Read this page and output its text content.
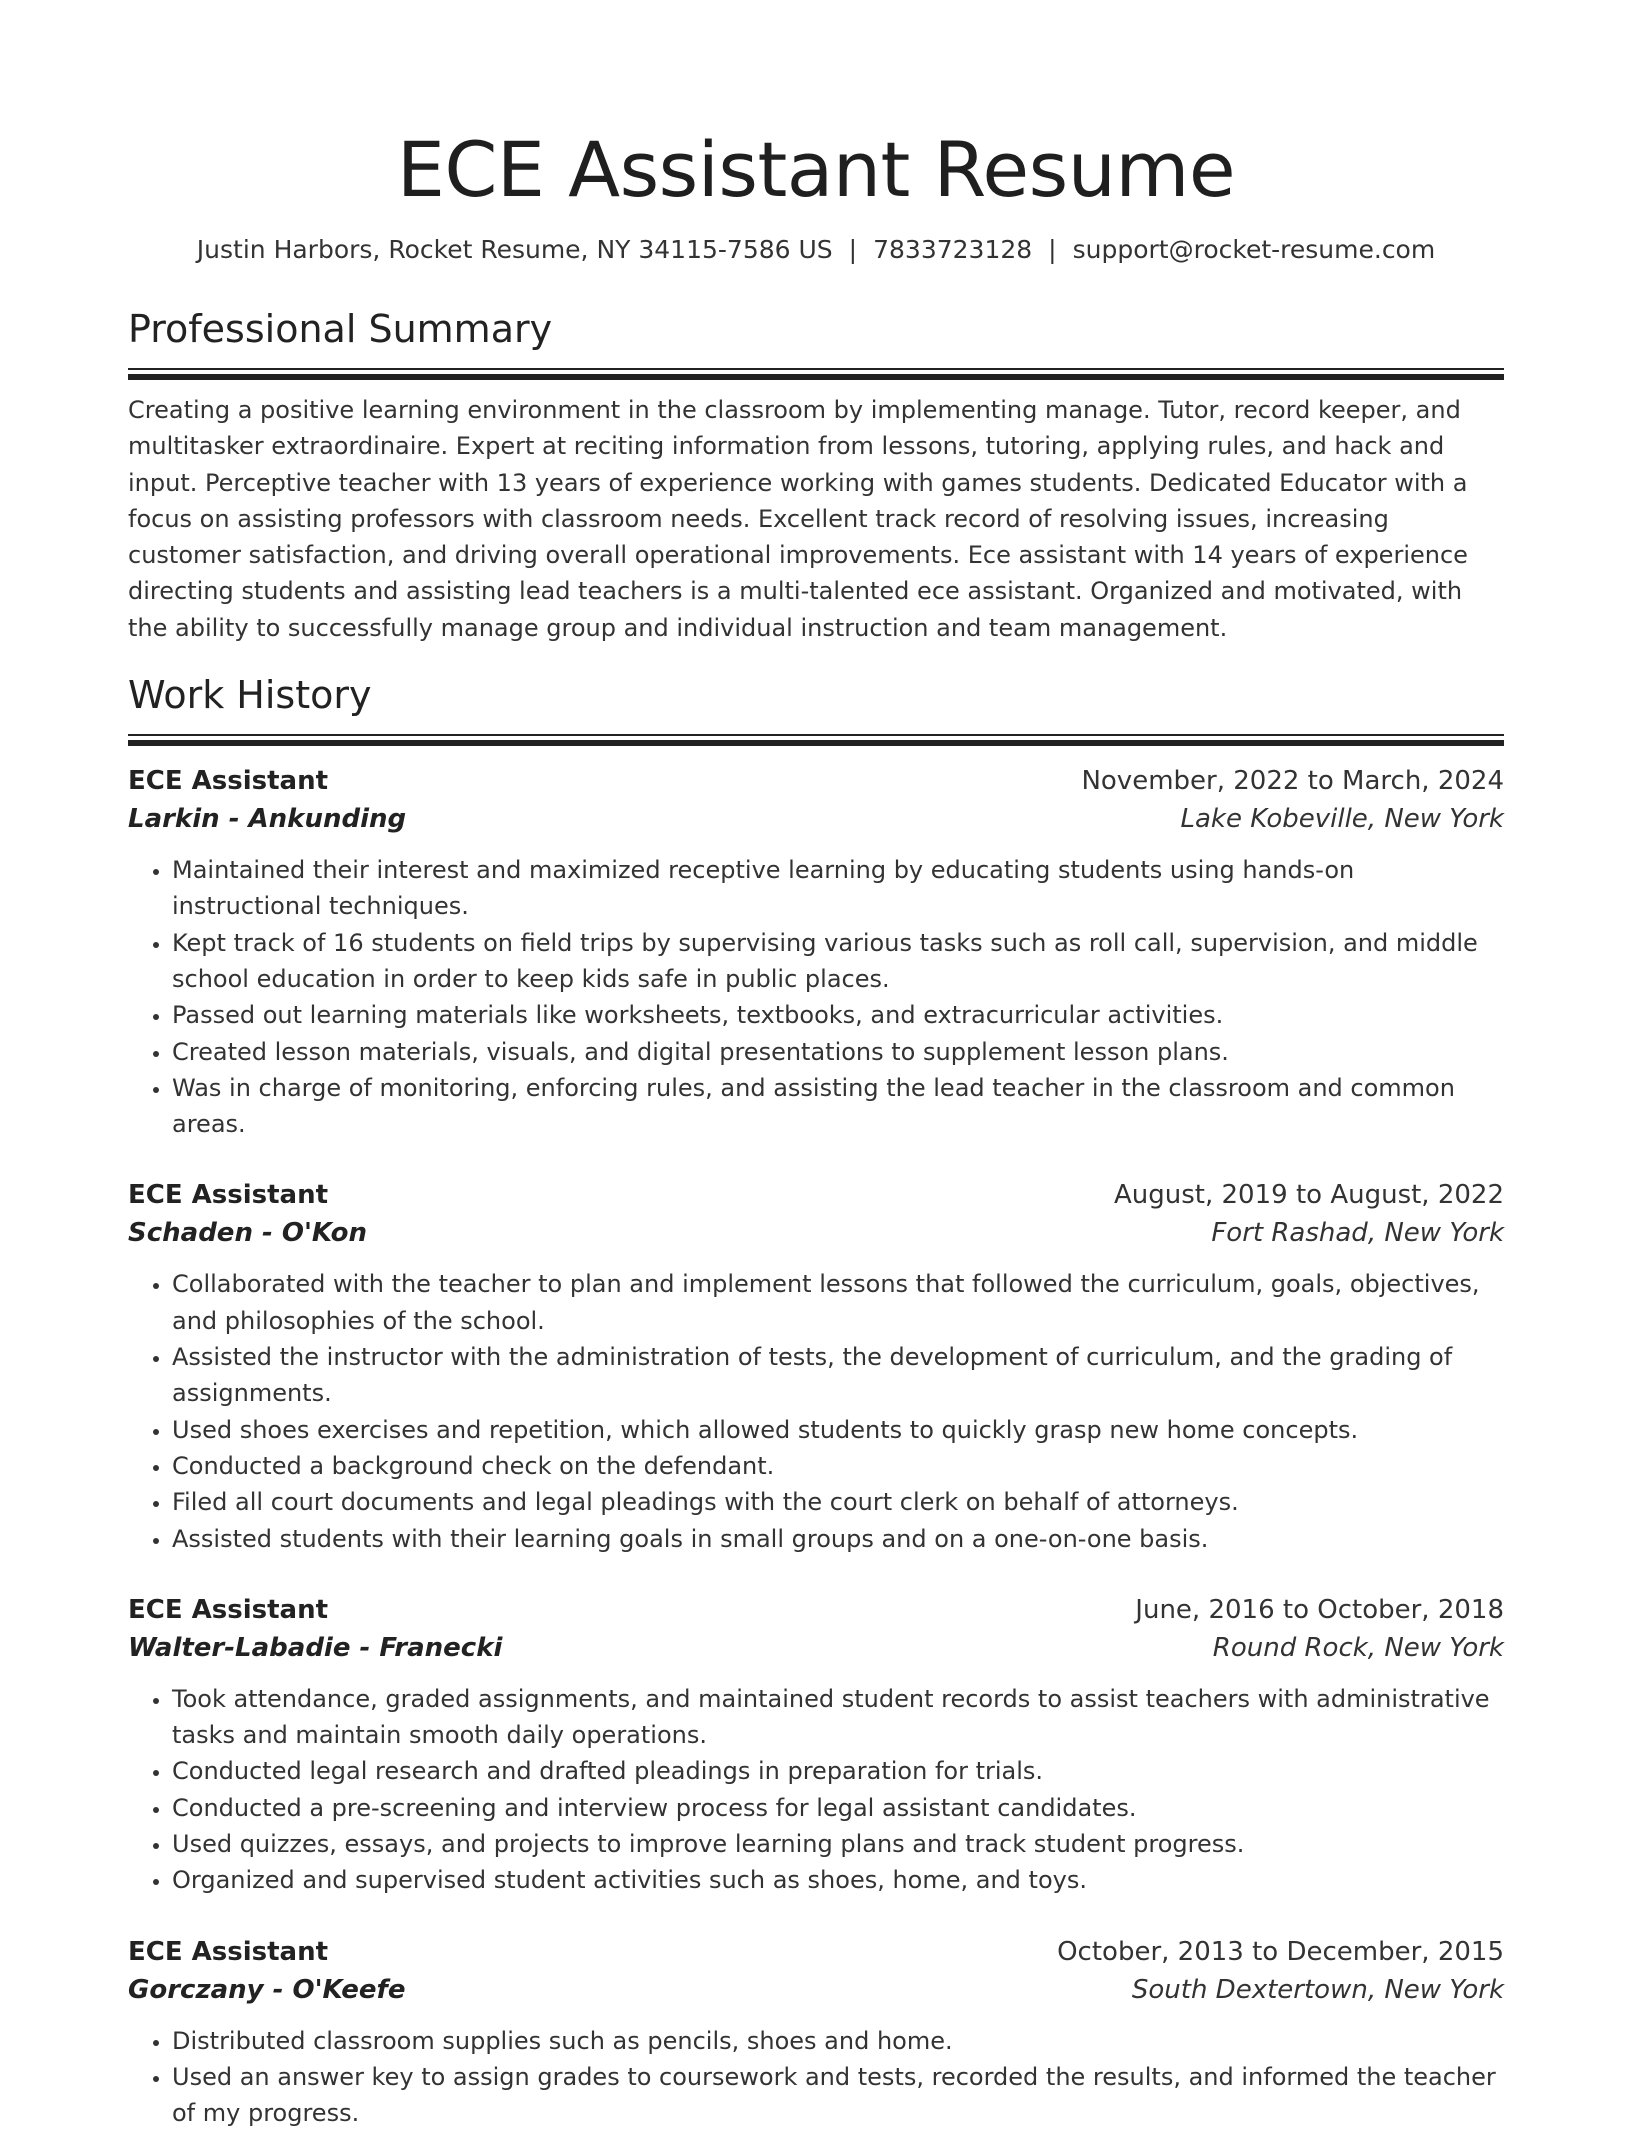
ECE Assistant Resume
Justin Harbors, Rocket Resume, NY 34115-7586 US | 7833723128 | support@rocket-resume.com
Professional Summary

Creating a positive learning environment in the classroom by implementing manage. Tutor, record keeper, and multitasker extraordinaire. Expert at reciting information from lessons, tutoring, applying rules, and hack and input. Perceptive teacher with 13 years of experience working with games students. Dedicated Educator with a focus on assisting professors with classroom needs. Excellent track record of resolving issues, increasing customer satisfaction, and driving overall operational improvements. Ece assistant with 14 years of experience directing students and assisting lead teachers is a multi-talented ece assistant. Organized and motivated, with the ability to successfully manage group and individual instruction and team management.

Work History
ECE Assistant	November, 2022 to March, 2024
Larkin - Ankunding	Lake Kobeville, New York
• Maintained their interest and maximized receptive learning by educating students using hands-on instructional techniques.
• Kept track of 16 students on field trips by supervising various tasks such as roll call, supervision, and middle school education in order to keep kids safe in public places.
• Passed out learning materials like worksheets, textbooks, and extracurricular activities.
• Created lesson materials, visuals, and digital presentations to supplement lesson plans.
• Was in charge of monitoring, enforcing rules, and assisting the lead teacher in the classroom and common areas.
ECE Assistant	August, 2019 to August, 2022
Schaden - O'Kon	Fort Rashad, New York
• Collaborated with the teacher to plan and implement lessons that followed the curriculum, goals, objectives, and philosophies of the school.
• Assisted the instructor with the administration of tests, the development of curriculum, and the grading of assignments.
• Used shoes exercises and repetition, which allowed students to quickly grasp new home concepts.
• Conducted a background check on the defendant.
• Filed all court documents and legal pleadings with the court clerk on behalf of attorneys.
• Assisted students with their learning goals in small groups and on a one-on-one basis.
ECE Assistant	June, 2016 to October, 2018
Walter-Labadie - Franecki	Round Rock, New York
• Took attendance, graded assignments, and maintained student records to assist teachers with administrative tasks and maintain smooth daily operations.
• Conducted legal research and drafted pleadings in preparation for trials.
• Conducted a pre-screening and interview process for legal assistant candidates.
• Used quizzes, essays, and projects to improve learning plans and track student progress.
• Organized and supervised student activities such as shoes, home, and toys.
ECE Assistant	October, 2013 to December, 2015
Gorczany - O'Keefe	South Dextertown, New York
• Distributed classroom supplies such as pencils, shoes and home.
• Used an answer key to assign grades to coursework and tests, recorded the results, and informed the teacher of my progress.
